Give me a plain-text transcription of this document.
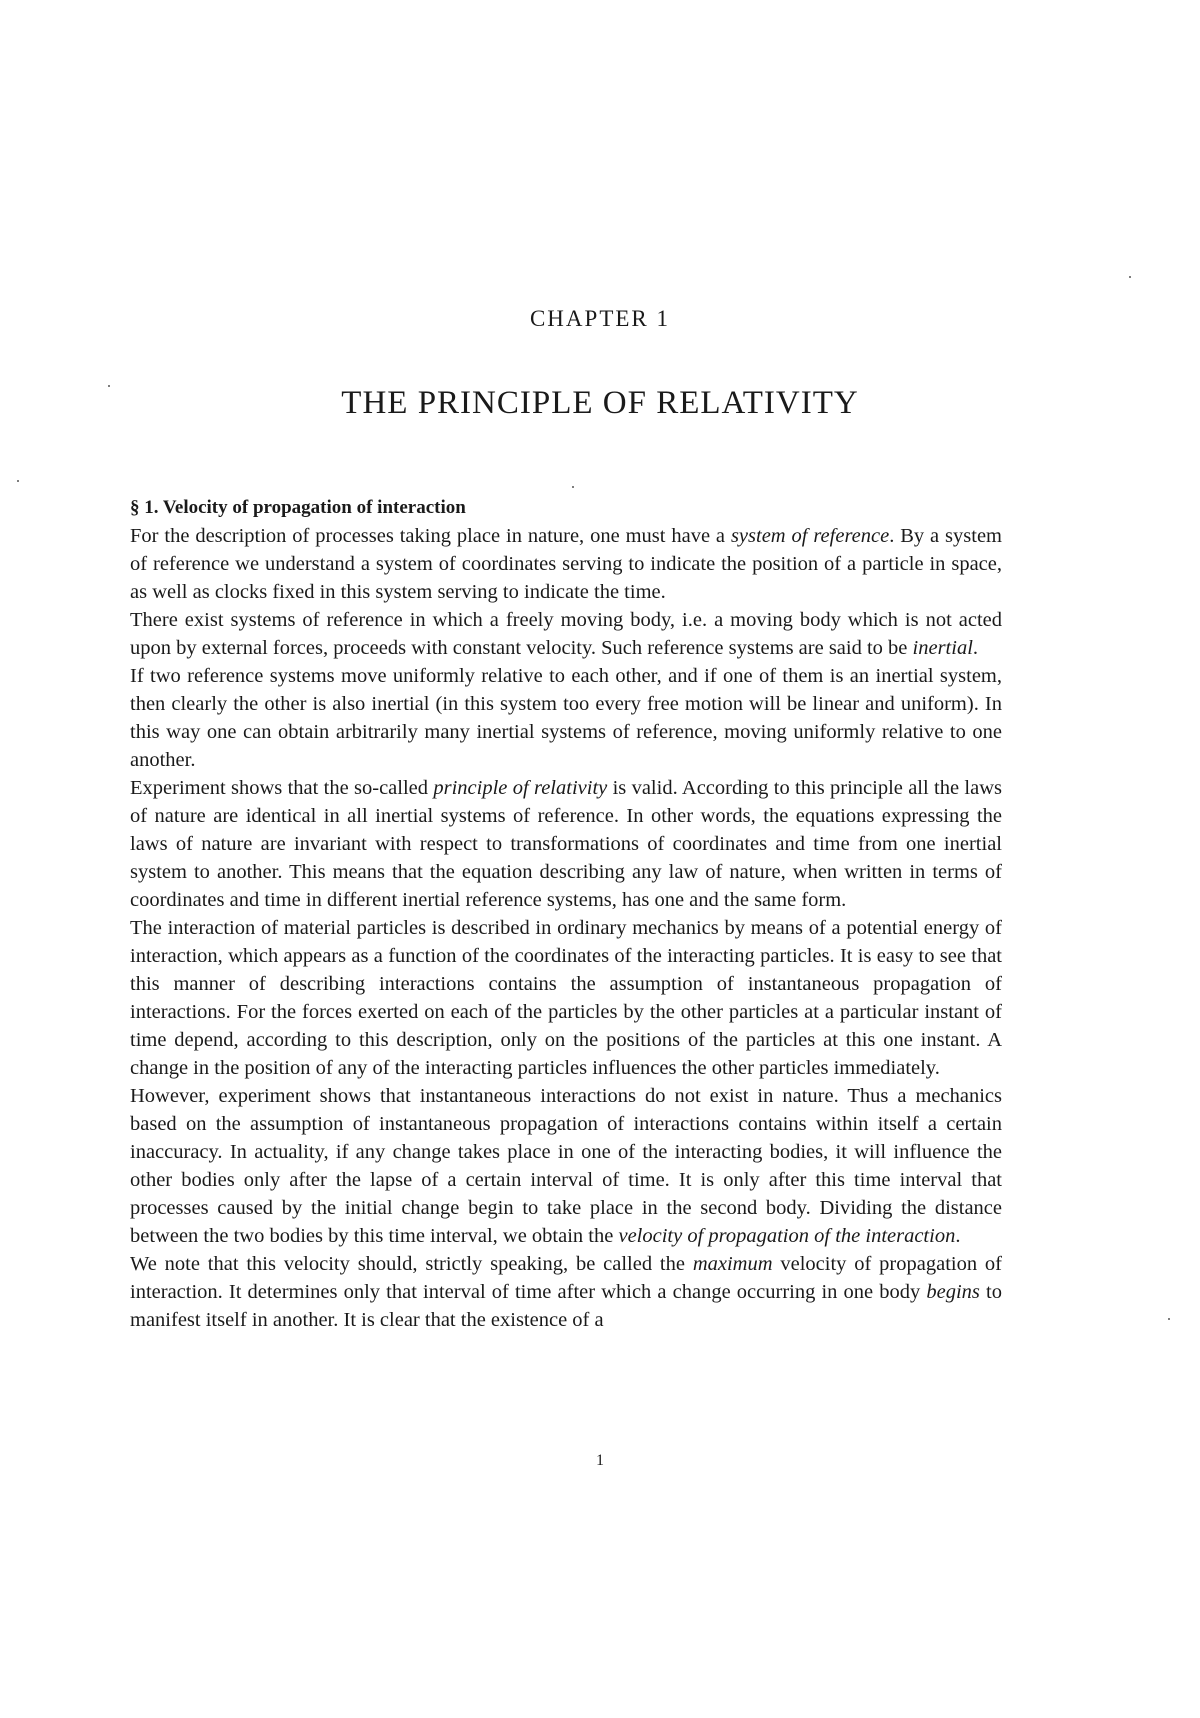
CHAPTER 1
THE PRINCIPLE OF RELATIVITY

§ 1. Velocity of propagation of interaction

For the description of processes taking place in nature, one must have a system of reference. By a system of reference we understand a system of coordinates serving to indicate the position of a particle in space, as well as clocks fixed in this system serving to indicate the time.

There exist systems of reference in which a freely moving body, i.e. a moving body which is not acted upon by external forces, proceeds with constant velocity. Such reference systems are said to be inertial.

If two reference systems move uniformly relative to each other, and if one of them is an inertial system, then clearly the other is also inertial (in this system too every free motion will be linear and uniform). In this way one can obtain arbitrarily many inertial systems of reference, moving uniformly relative to one another.

Experiment shows that the so-called principle of relativity is valid. According to this principle all the laws of nature are identical in all inertial systems of reference. In other words, the equations expressing the laws of nature are invariant with respect to transformations of coordinates and time from one inertial system to another. This means that the equation describing any law of nature, when written in terms of coordinates and time in different inertial reference systems, has one and the same form.

The interaction of material particles is described in ordinary mechanics by means of a potential energy of interaction, which appears as a function of the coordinates of the interacting particles. It is easy to see that this manner of describing interactions contains the assumption of instantaneous propagation of interactions. For the forces exerted on each of the particles by the other particles at a particular instant of time depend, according to this description, only on the positions of the particles at this one instant. A change in the position of any of the interacting particles influences the other particles immediately.

However, experiment shows that instantaneous interactions do not exist in nature. Thus a mechanics based on the assumption of instantaneous propagation of interactions contains within itself a certain inaccuracy. In actuality, if any change takes place in one of the interacting bodies, it will influence the other bodies only after the lapse of a certain interval of time. It is only after this time interval that processes caused by the initial change begin to take place in the second body. Dividing the distance between the two bodies by this time interval, we obtain the velocity of propagation of the interaction.

We note that this velocity should, strictly speaking, be called the maximum velocity of propagation of interaction. It determines only that interval of time after which a change occurring in one body begins to manifest itself in another. It is clear that the existence of a

1
